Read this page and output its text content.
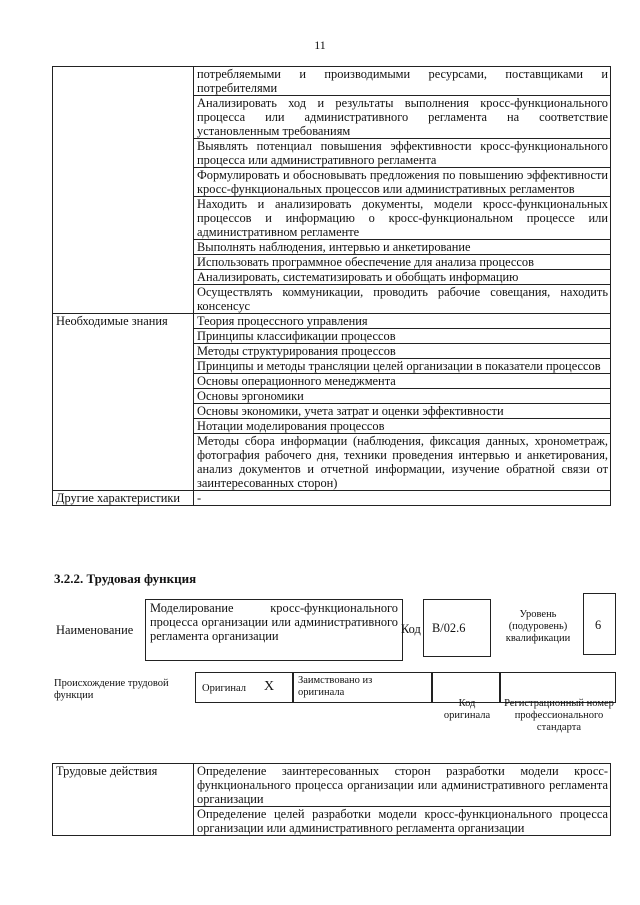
11
	потребляемыми и производимыми ресурсами, поставщиками и потребителями
	Анализировать ход и результаты выполнения кросс-функционального процесса или административного регламента на соответствие установленным требованиям
	Выявлять потенциал повышения эффективности кросс-функционального процесса или административного регламента
	Формулировать и обосновывать предложения по повышению эффективности кросс-функциональных процессов или административных регламентов
	Находить и анализировать документы, модели кросс-функциональных процессов и информацию о кросс-функциональном процессе или административном регламенте
	Выполнять наблюдения, интервью и анкетирование
	Использовать программное обеспечение для анализа процессов
	Анализировать, систематизировать и обобщать информацию
	Осуществлять коммуникации, проводить рабочие совещания, находить консенсус
Необходимые знания	Теория процессного управления
	Принципы классификации процессов
	Методы структурирования процессов
	Принципы и методы трансляции целей организации в показатели процессов
	Основы операционного менеджмента
	Основы эргономики
	Основы экономики, учета затрат и оценки эффективности
	Нотации моделирования процессов
	Методы сбора информации (наблюдения, фиксация данных, хронометраж, фотография рабочего дня, техники проведения интервью и анкетирования, анализ документов и отчетной информации, изучение обратной связи от заинтересованных сторон)
Другие характеристики	-
3.2.2. Трудовая функция
Наименование
Моделирование кросс-функционального процесса организации или административного регламента организации	Код B/02.6
Уровень (подуровень) квалификации
6
Происхождение трудовой функции
Оригинал X Заимствовано из оригинала
Код оригинала
Регистрационный номер профессионального стандарта
Трудовые действия	Определение заинтересованных сторон разработки модели кросс-функционального процесса организации или административного регламента организации
Определение целей разработки модели кросс-функционального процесса организации или административного регламента организации
